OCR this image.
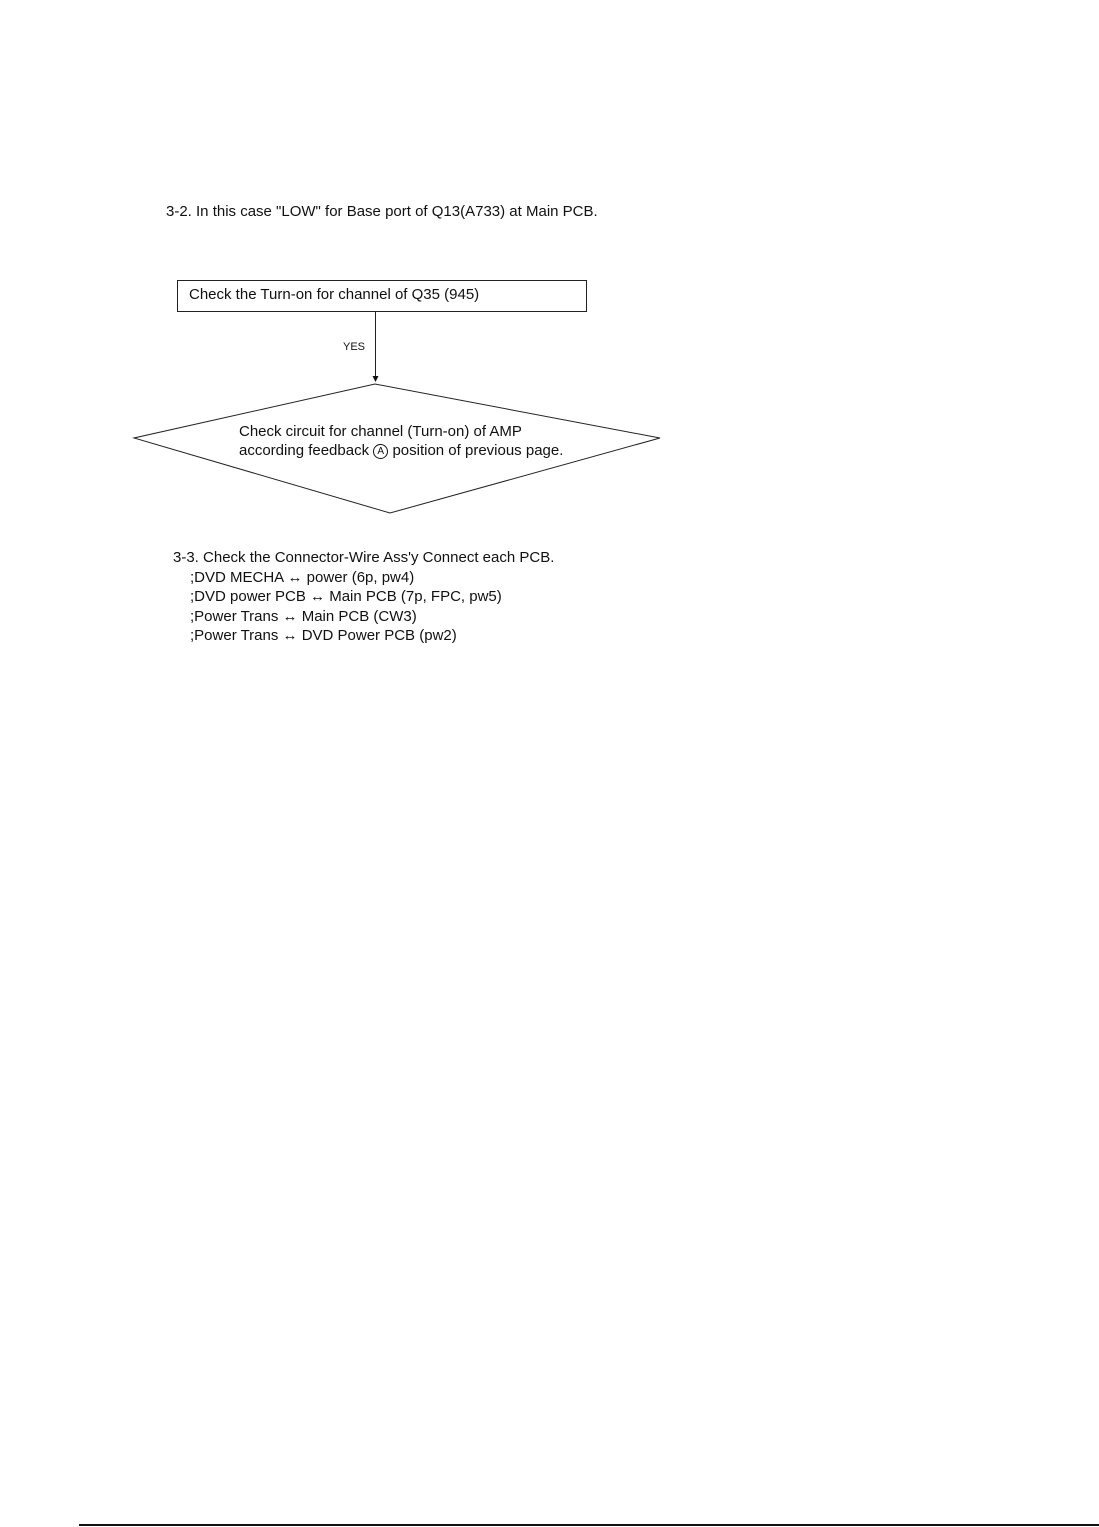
3-2. In this case "LOW" for Base port of Q13(A733) at Main PCB.
Check the Turn-on for channel of Q35 (945)
YES
Check circuit for channel (Turn-on) of AMP
according feedback A position of previous page.
3-3. Check the Connector-Wire Ass'y Connect each PCB.
;DVD MECHA ↔ power (6p, pw4)
;DVD power PCB ↔ Main PCB (7p, FPC, pw5)
;Power Trans ↔ Main PCB (CW3)
;Power Trans ↔ DVD Power PCB (pw2)
